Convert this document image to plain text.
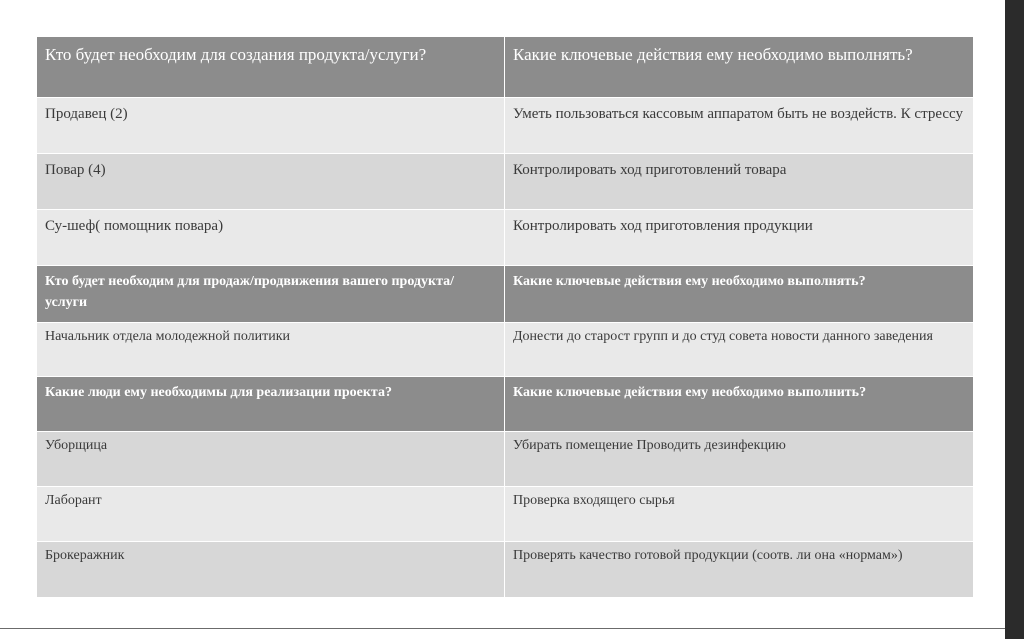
Кто будет необходим для создания продукта/услуги?	Какие ключевые действия ему необходимо выполнять?
Продавец (2)	Уметь пользоваться кассовым аппаратом быть не воздейств. К стрессу
Повар (4)	Контролировать ход приготовлений товара
Су-шеф( помощник повара)	Контролировать ход приготовления продукции
Кто будет необходим для продаж/продвижения вашего продукта/услуги	Какие ключевые действия ему необходимо выполнять?
Начальник отдела молодежной политики	Донести до старост групп и до студ совета новости данного заведения
Какие люди ему необходимы для реализации проекта?	Какие ключевые действия ему необходимо выполнить?
Уборщица	Убирать помещение Проводить дезинфекцию
Лаборант	Проверка входящего сырья
Брокеражник	Проверять качество готовой продукции (соотв. ли она «нормам»)
